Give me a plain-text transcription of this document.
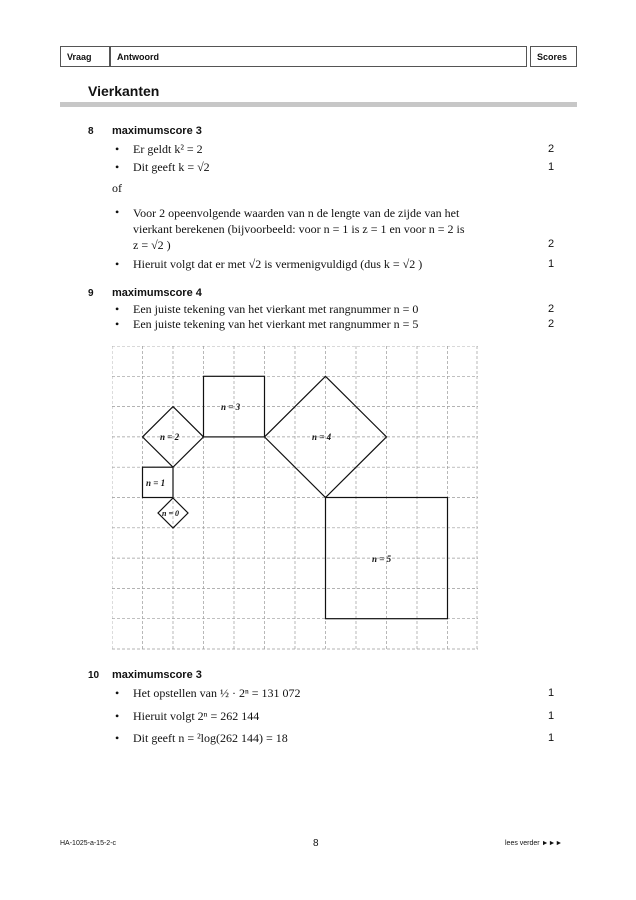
Vraag	Antwoord	Scores
Vierkanten
8 maximumscore 3
• Er geldt k² = 2	2
• Dit geeft k = √2	1
of
• Voor 2 opeenvolgende waarden van n de lengte van de zijde van het
vierkant berekenen (bijvoorbeeld: voor n = 1 is z = 1 en voor n = 2 is
z = √2 )	2
• Hieruit volgt dat er met √2 is vermenigvuldigd (dus k = √2 )	1
9 maximumscore 4
• Een juiste tekening van het vierkant met rangnummer n = 0	2
• Een juiste tekening van het vierkant met rangnummer n = 5	2
n = 0
n = 1
n = 2
n = 3
n = 4
n = 5
10 maximumscore 3
• Het opstellen van ½ · 2ⁿ = 131 072	1
• Hieruit volgt 2ⁿ = 262 144	1
• Dit geeft n = ²log(262 144) = 18	1
HA-1025-a-15-2-c	8	lees verder ►►►
